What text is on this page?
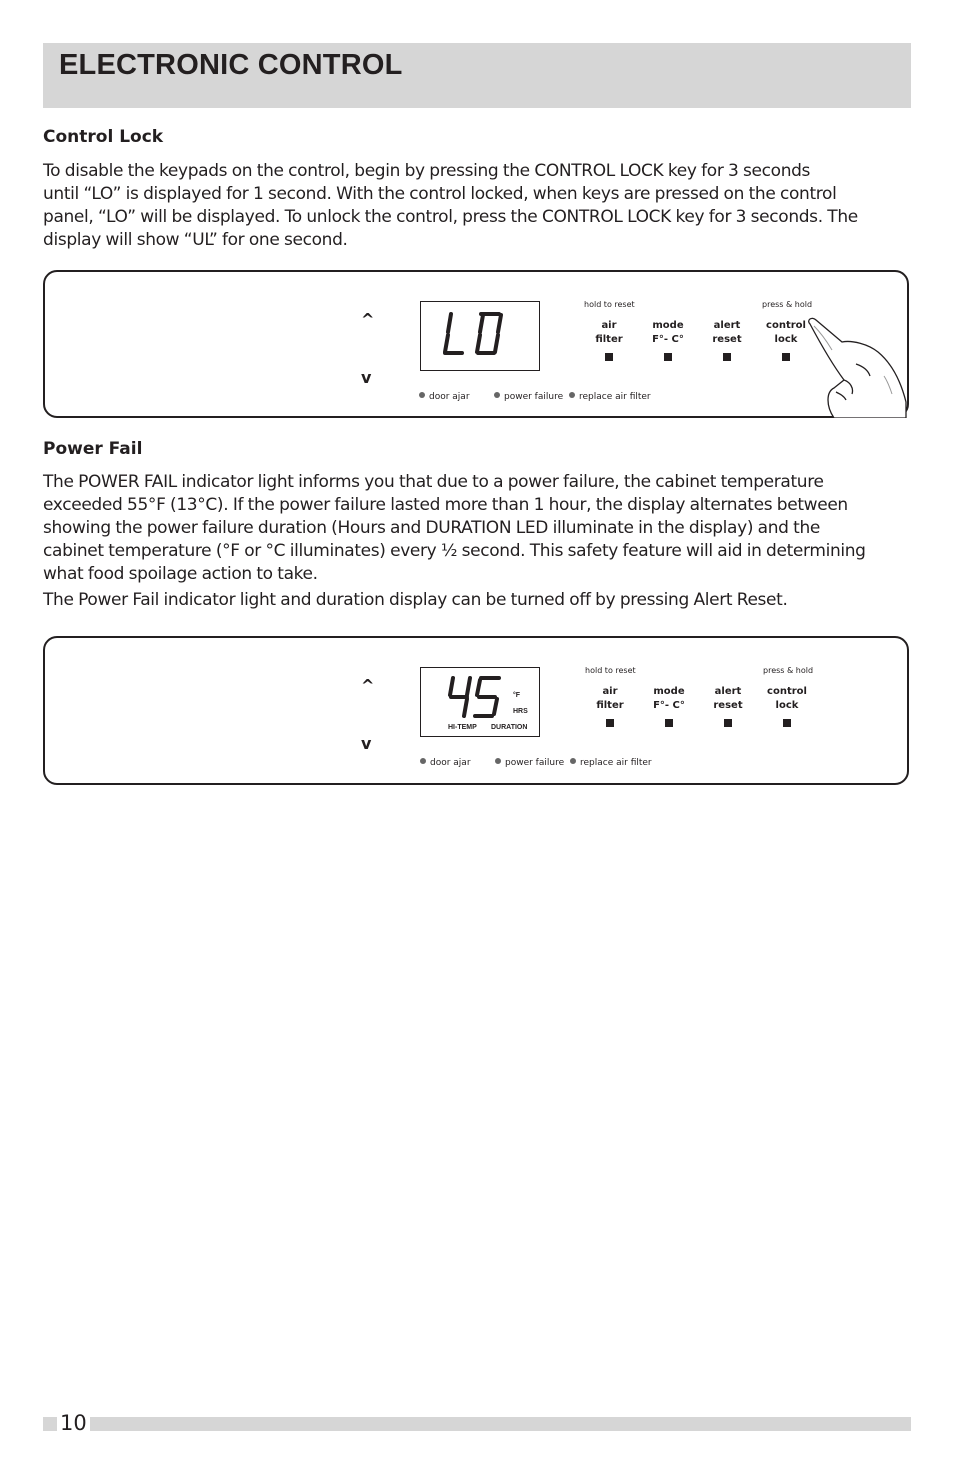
ELECTRONIC CONTROL
Control Lock
To disable the keypads on the control, begin by pressing the CONTROL LOCK key for 3 seconds
until “LO” is displayed for 1 second. With the control locked, when keys are pressed on the control
panel, “LO” will be displayed. To unlock the control, press the CONTROL LOCK key for 3 seconds. The
display will show “UL” for one second.
^
v
hold to reset	press & hold
air
filter
mode
F°- C°
alert
reset
control
lock
door ajar	power failure	replace air filter
Power Fail
The POWER FAIL indicator light informs you that due to a power failure, the cabinet temperature
exceeded 55°F (13°C). If the power failure lasted more than 1 hour, the display alternates between
showing the power failure duration (Hours and DURATION LED illuminate in the display) and the
cabinet temperature (°F or °C illuminates) every ½ second. This safety feature will aid in determining
what food spoilage action to take.
The Power Fail indicator light and duration display can be turned off by pressing Alert Reset.
^
v
°F
HRS
HI-TEMP DURATION
hold to reset	press & hold
air
filter
mode
F°- C°
alert
reset
control
lock
door ajar	power failure	replace air filter
10
